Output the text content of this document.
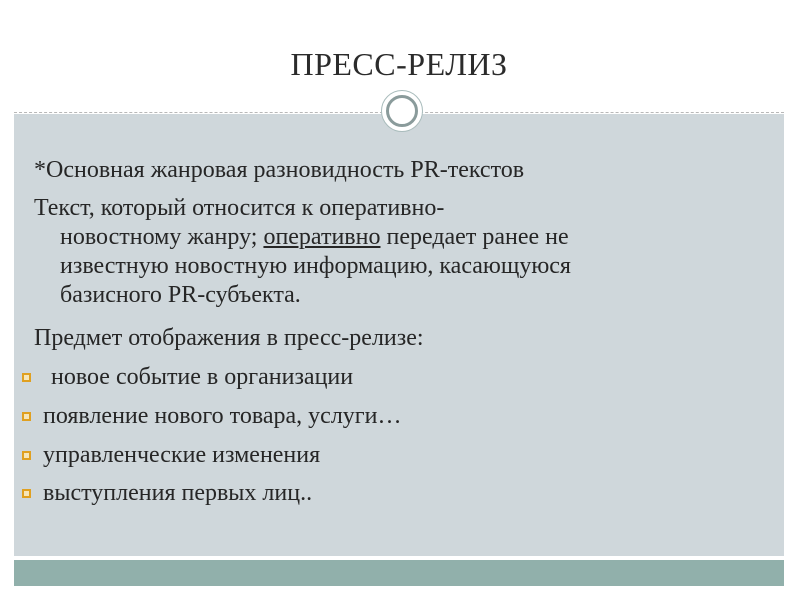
ПРЕСС-РЕЛИЗ

*Основная жанровая разновидность PR-текстов

Текст, который относится к оперативно-
новостному жанру; оперативно передает ранее не
известную новостную информацию, касающуюся
базисного PR-субъекта.

Предмет отображения в пресс-релизе:

новое событие в организации
появление нового товара, услуги…
управленческие изменения
выступления первых лиц..
